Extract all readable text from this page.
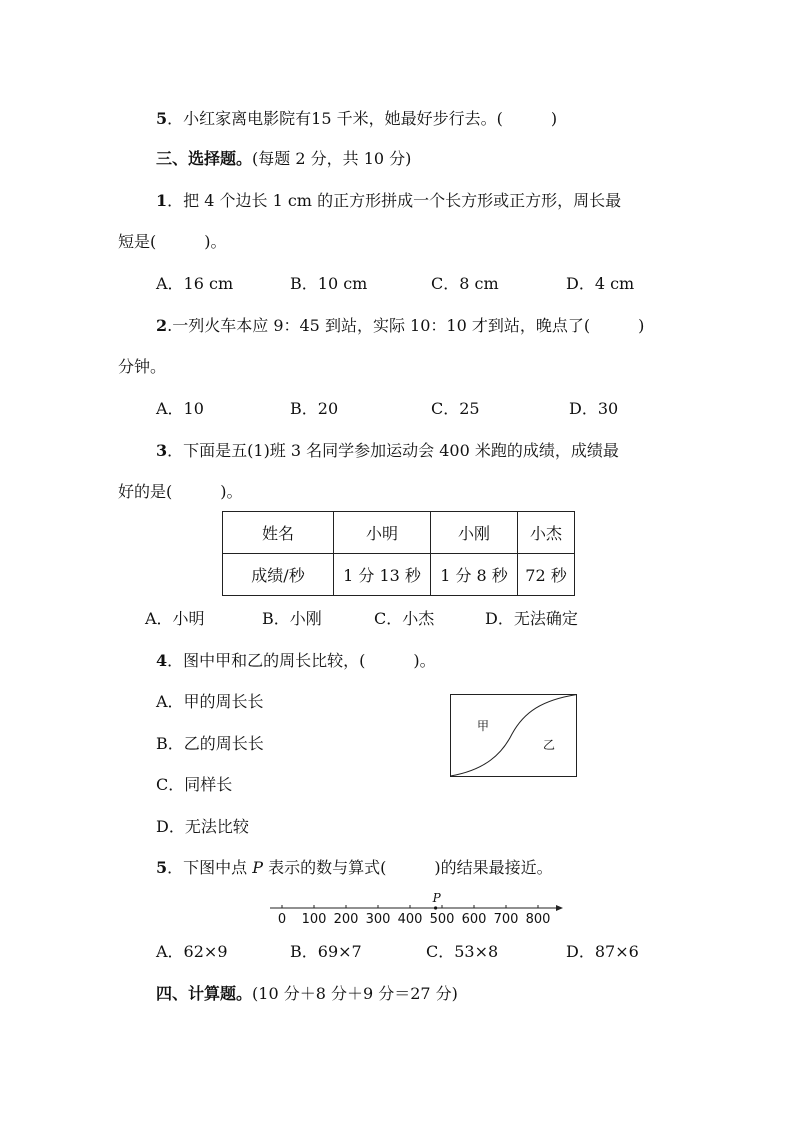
5．小红家离电影院有15 千米，她最好步行去。(　　　)
三、选择题。(每题 2 分，共 10 分)
1．把 4 个边长 1 cm 的正方形拼成一个长方形或正方形，周长最
短是(　　　)。
A．16 cm	B．10 cm	C．8 cm	D．4 cm
2.一列火车本应 9：45 到站，实际 10：10 才到站，晚点了(　　　)
分钟。
A．10	B．20	C．25	D．30
3．下面是五(1)班 3 名同学参加运动会 400 米跑的成绩，成绩最
好的是(　　　)。
姓名	小明	小刚	小杰
成绩/秒	1 分 13 秒	1 分 8 秒	72 秒
A．小明	B．小刚	C．小杰	D．无法确定
4．图中甲和乙的周长比较，(　　　)。
A．甲的周长长
B．乙的周长长
C．同样长
D．无法比较
甲
乙
5．下图中点 P 表示的数与算式(　　　)的结果最接近。
0 100 200 300 400 500 600 700 800
P
A．62×9	B．69×7	C．53×8	D．87×6
四、计算题。(10 分＋8 分＋9 分＝27 分)
